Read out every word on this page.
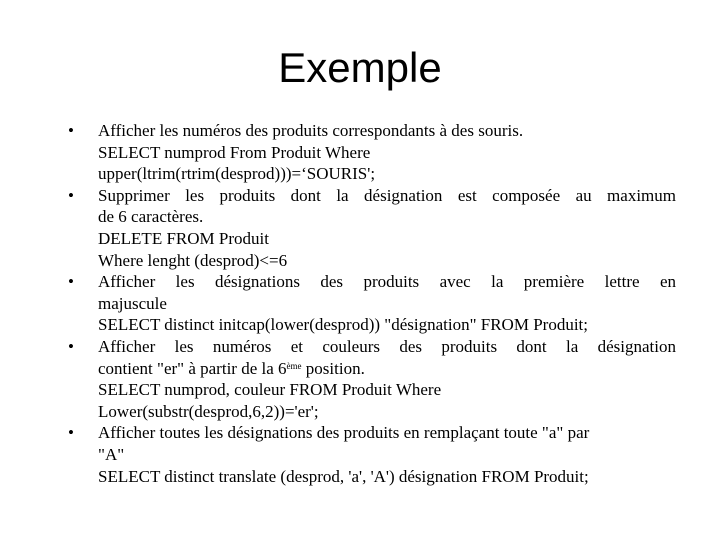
Exemple
•	Afficher les numéros des produits correspondants à des souris.
SELECT numprod From Produit Where
upper(ltrim(rtrim(desprod)))=‘SOURIS';
•	Supprimer les produits dont la désignation est composée au maximum
de 6 caractères.
DELETE FROM Produit
Where lenght (desprod)<=6
•	Afficher les désignations des produits avec la première lettre en
majuscule
SELECT distinct initcap(lower(desprod)) "désignation" FROM Produit;
•	Afficher les numéros et couleurs des produits dont la désignation
contient "er" à partir de la 6ème position.
SELECT numprod, couleur FROM Produit Where
Lower(substr(desprod,6,2))='er';
•	Afficher toutes les désignations des produits en remplaçant toute "a" par
"A"
SELECT distinct translate (desprod, 'a', 'A') désignation FROM Produit;
